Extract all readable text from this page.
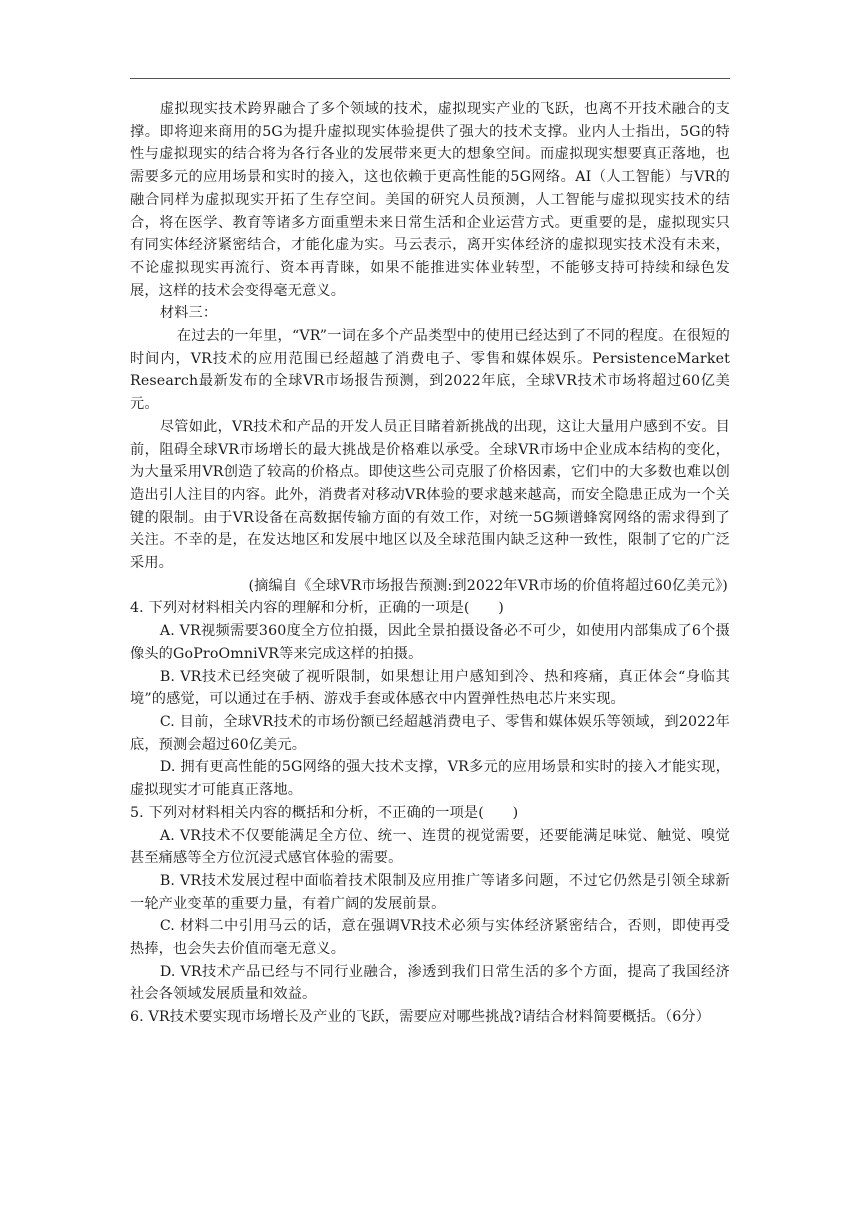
虚拟现实技术跨界融合了多个领域的技术，虚拟现实产业的飞跃，也离不开技术融合的支撑。即将迎来商用的5G为提升虚拟现实体验提供了强大的技术支撑。业内人士指出，5G的特性与虚拟现实的结合将为各行各业的发展带来更大的想象空间。而虚拟现实想要真正落地，也需要多元的应用场景和实时的接入，这也依赖于更高性能的5G网络。AI（人工智能）与VR的融合同样为虚拟现实开拓了生存空间。美国的研究人员预测，人工智能与虚拟现实技术的结合，将在医学、教育等诸多方面重塑未来日常生活和企业运营方式。更重要的是，虚拟现实只有同实体经济紧密结合，才能化虚为实。马云表示，离开实体经济的虚拟现实技术没有未来，不论虚拟现实再流行、资本再青睐，如果不能推进实体业转型，不能够支持可持续和绿色发展，这样的技术会变得毫无意义。

材料三：

在过去的一年里，“VR”一词在多个产品类型中的使用已经达到了不同的程度。在很短的时间内，VR技术的应用范围已经超越了消费电子、零售和媒体娱乐。PersistenceMarket Research最新发布的全球VR市场报告预测，到2022年底，全球VR技术市场将超过60亿美元。

尽管如此，VR技术和产品的开发人员正目睹着新挑战的出现，这让大量用户感到不安。目前，阻碍全球VR市场增长的最大挑战是价格难以承受。全球VR市场中企业成本结构的变化，为大量采用VR创造了较高的价格点。即使这些公司克服了价格因素，它们中的大多数也难以创造出引人注目的内容。此外，消费者对移动VR体验的要求越来越高，而安全隐患正成为一个关键的限制。由于VR设备在高数据传输方面的有效工作，对统一5G频谱蜂窝网络的需求得到了关注。不幸的是，在发达地区和发展中地区以及全球范围内缺乏这种一致性，限制了它的广泛采用。

(摘编自《全球VR市场报告预测:到2022年VR市场的价值将超过60亿美元》)

4. 下列对材料相关内容的理解和分析，正确的一项是(　　)

A. VR视频需要360度全方位拍摄，因此全景拍摄设备必不可少，如使用内部集成了6个摄像头的GoProOmniVR等来完成这样的拍摄。

B. VR技术已经突破了视听限制，如果想让用户感知到冷、热和疼痛，真正体会“身临其境”的感觉，可以通过在手柄、游戏手套或体感衣中内置弹性热电芯片来实现。

C. 目前，全球VR技术的市场份额已经超越消费电子、零售和媒体娱乐等领域，到2022年底，预测会超过60亿美元。

D. 拥有更高性能的5G网络的强大技术支撑，VR多元的应用场景和实时的接入才能实现，虚拟现实才可能真正落地。

5. 下列对材料相关内容的概括和分析，不正确的一项是(　　)

A. VR技术不仅要能满足全方位、统一、连贯的视觉需要，还要能满足味觉、触觉、嗅觉甚至痛感等全方位沉浸式感官体验的需要。

B. VR技术发展过程中面临着技术限制及应用推广等诸多问题，不过它仍然是引领全球新一轮产业变革的重要力量，有着广阔的发展前景。

C. 材料二中引用马云的话，意在强调VR技术必须与实体经济紧密结合，否则，即使再受热捧，也会失去价值而毫无意义。

D. VR技术产品已经与不同行业融合，渗透到我们日常生活的多个方面，提高了我国经济社会各领域发展质量和效益。

6. VR技术要实现市场增长及产业的飞跃，需要应对哪些挑战?请结合材料简要概括。（6分）
